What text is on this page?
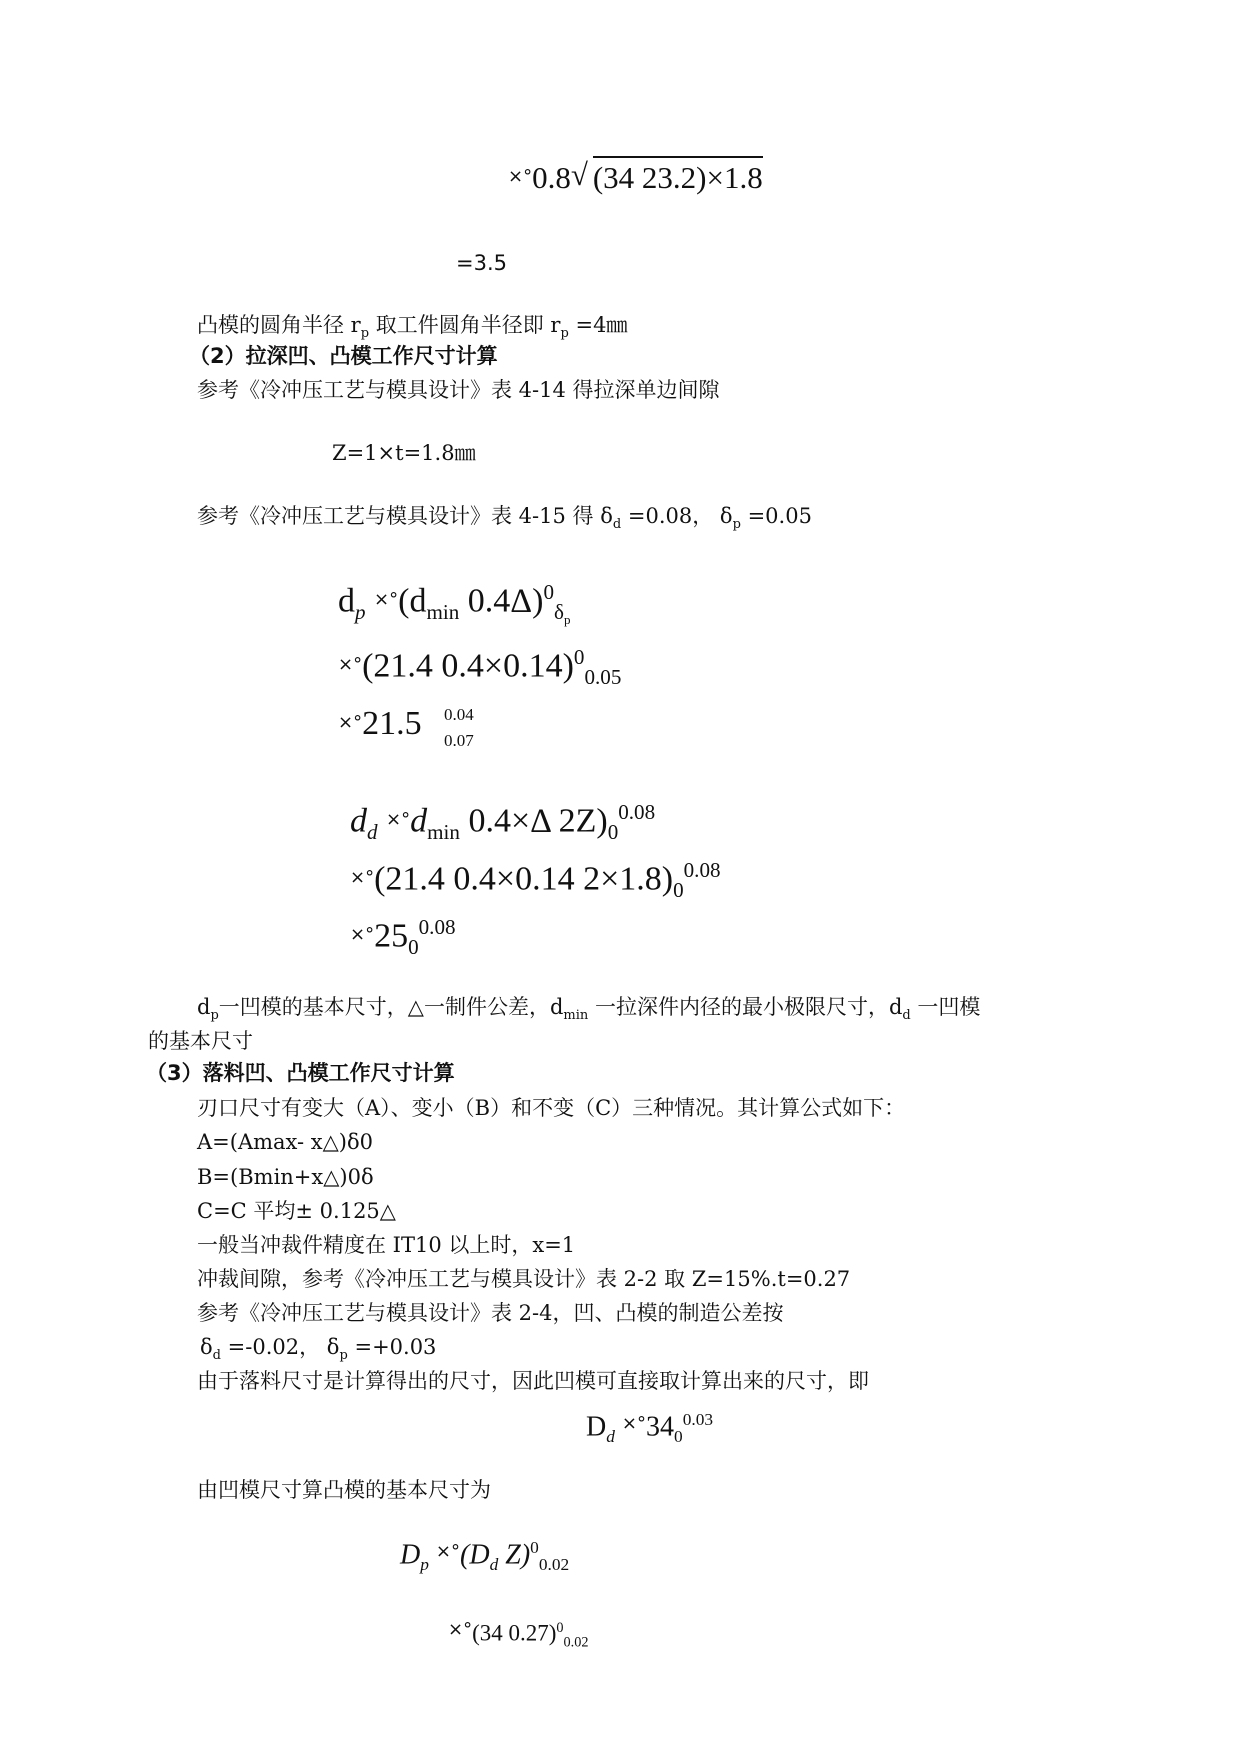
×°0.8√ (34 23.2)×1.8
=3.5
凸模的圆角半径 $r_p$ 取工件圆角半径即 $r_p$ =4㎜
（2）拉深凹、凸模工作尺寸计算
参考《冷冲压工艺与模具设计》表 4-14 得拉深单边间隙
Z=1×t=1.8㎜
参考《冷冲压工艺与模具设计》表 4-15 得 $\delta_d =0.08$， $\delta_p =0.05$
$d_p \times^\circ(d_{min}$ 0.4Δ)$^0_{\delta_p}$
×°(21.4 0.4×0.14)$^0_{0.05}$
×°21.5 0.04
0.07
$d_d \times^\circ d_{min}$ 0.4×Δ $2Z)_0^{0.08}$
×°(21.4 0.4×0.14 $2\times 1.8)_0^{0.08}$
$\times^\circ 25_0^{0.08}$
$d_p$一凹模的基本尺寸，△一制件公差，$d_{min}$ 一拉深件内径的最小极限尺寸，$d_d$ 一凹模
的基本尺寸
（3）落料凹、凸模工作尺寸计算
刃口尺寸有变大（A）、变小（B）和不变（C）三种情况。其计算公式如下：
A=(Amax- x△)δ0
B=(Bmin+x△)0δ
C=C 平均± 0.125△
一般当冲裁件精度在 IT10 以上时，x=1
冲裁间隙，参考《冷冲压工艺与模具设计》表 2-2 取 Z=15%.t=0.27
参考《冷冲压工艺与模具设计》表 2-4，凹、凸模的制造公差按
$\delta_d =-0.02$， $\delta_p =+0.03$
由于落料尺寸是计算得出的尺寸，因此凹模可直接取计算出来的尺寸，即
$D_d$ $^{\times^\circ}34_0^{0.03}$
由凹模尺寸算凸模的基本尺寸为
$D_p$ $^{\times^\circ}(D_d$ Z)$^0_{0.02}$
×°(34 0.27)$^0_{0.02}$
